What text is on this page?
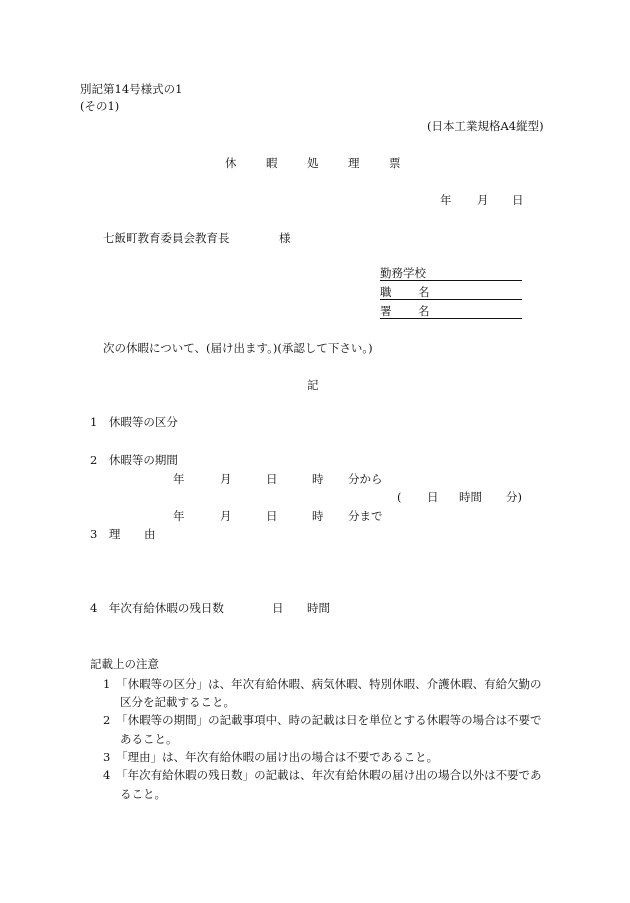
別記第14号様式の1
(その1)
(日本工業規格A4縦型)
休	暇	処	理	票
年 月 日
七飯町教育委員会教育長	様
勤務学校
職 名
署 名
次の休暇について、(届け出ます。)(承認して下さい。)
記
1　休暇等の区分
2　休暇等の期間
年	月	日	時 分から
( 日 時間 分)
年	月	日	時 分まで
3　理 由
4　年次有給休暇の残日数	日 時間
記載上の注意
1　「休暇等の区分」は、年次有給休暇、病気休暇、特別休暇、介護休暇、有給欠勤の
区分を記載すること。
2　「休暇等の期間」の記載事項中、時の記載は日を単位とする休暇等の場合は不要で
あること。
3　「理由」は、年次有給休暇の届け出の場合は不要であること。
4　「年次有給休暇の残日数」の記載は、年次有給休暇の届け出の場合以外は不要であ
ること。
